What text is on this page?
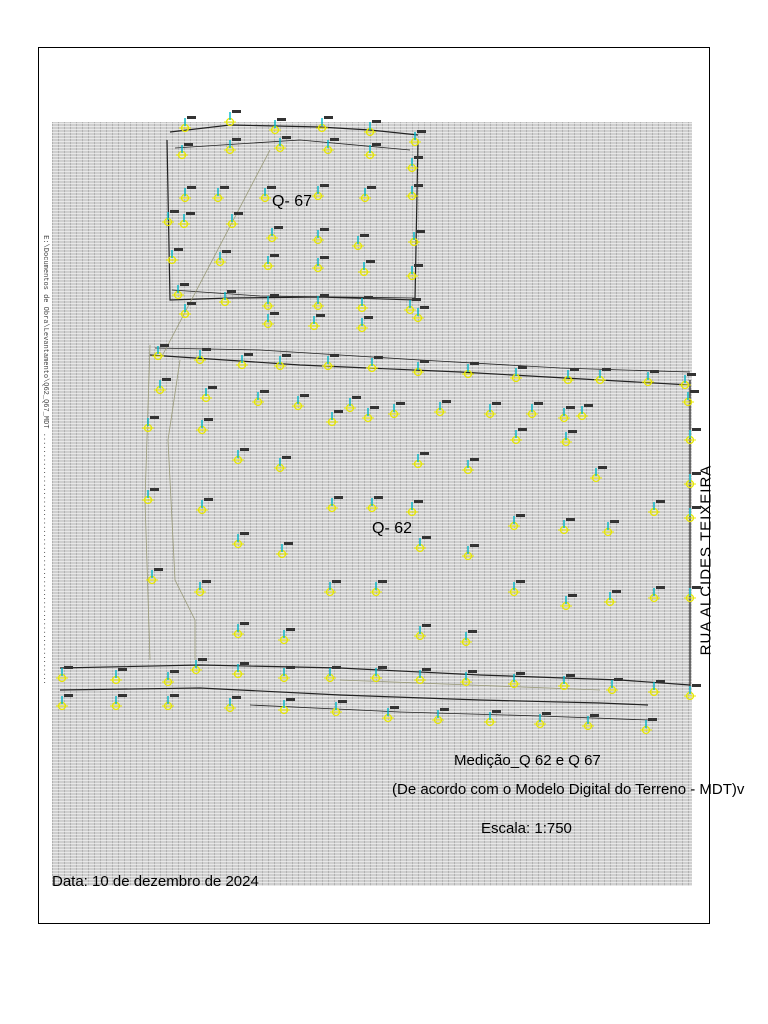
E:\Documentos de Obra\Levantamento\Q62_Q67_MDT ............................................................
Q- 67
Q- 62	RUA ALCIDES TEIXEIRA
Medição_Q 62 e Q 67
(De acordo com o Modelo Digital do Terreno - MDT)v
Escala: 1:750
Data: 10 de dezembro de 2024
